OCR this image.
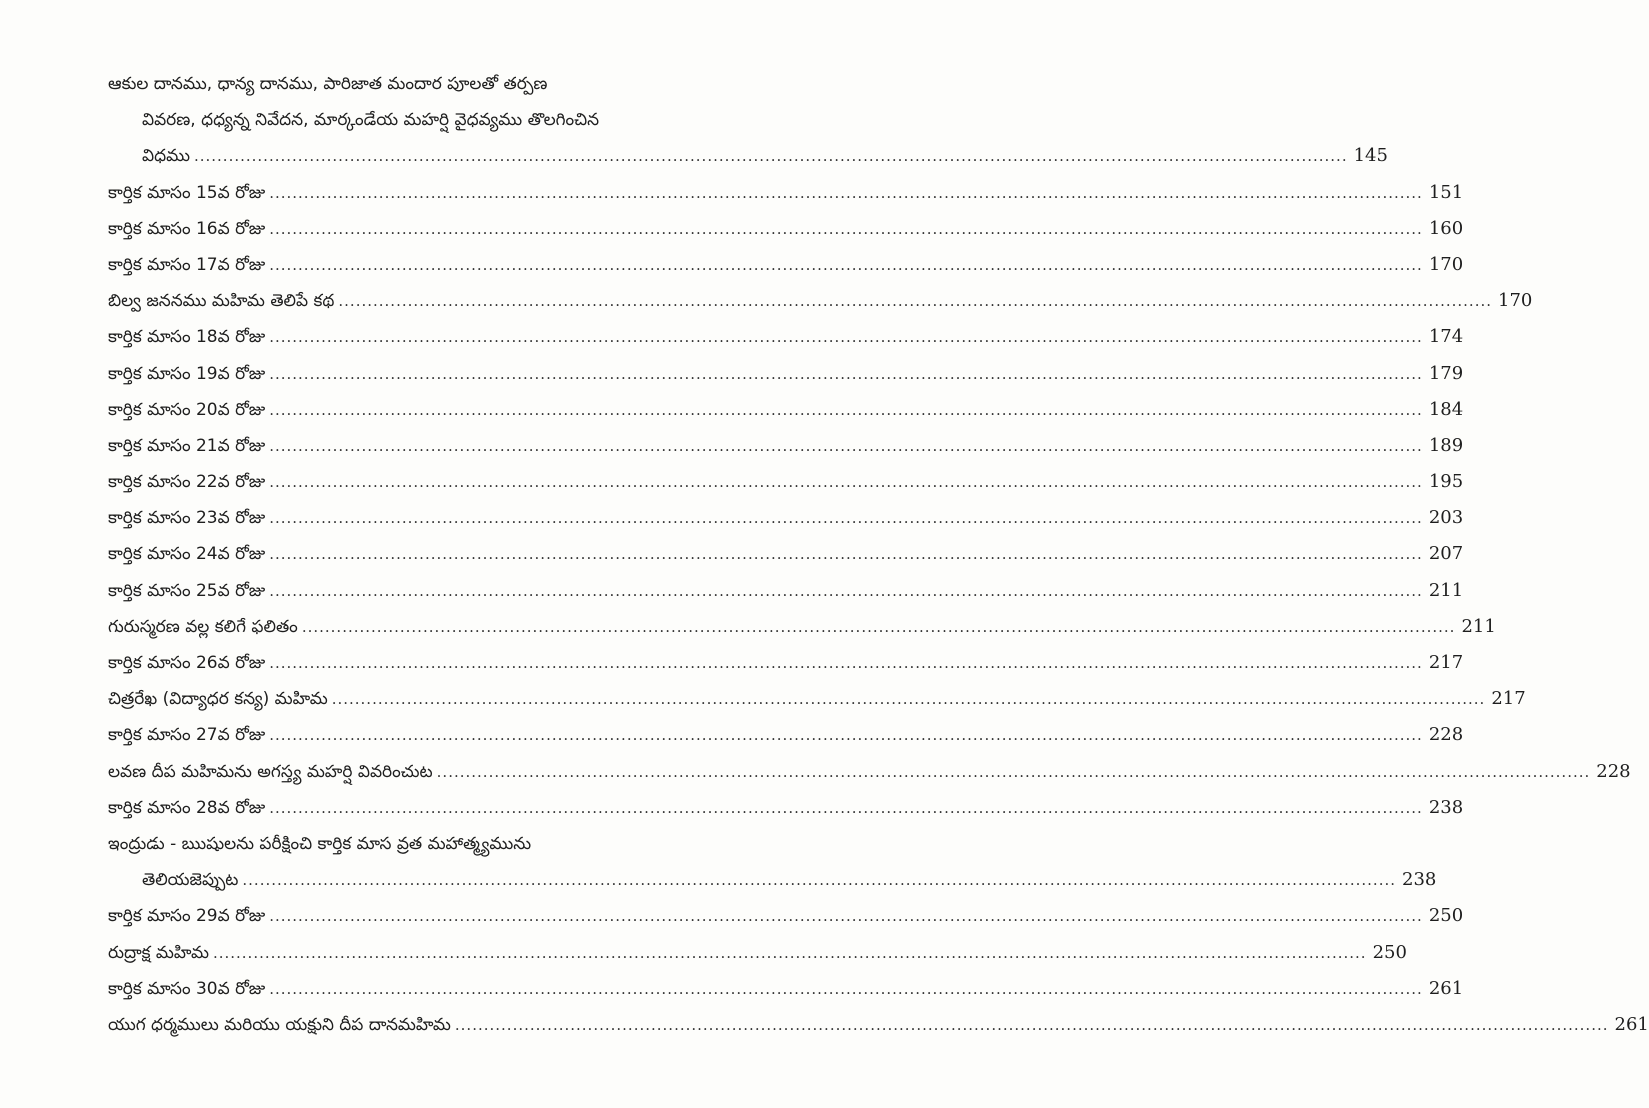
ఆకుల దానము, ధాన్య దానము, పారిజాత మందార పూలతో తర్పణ
వివరణ, ధధ్యన్న నివేదన, మార్కండేయ మహర్షి వైధవ్యము తొలగించిన
విధము ........................................................................................................................................................................................................ 145
కార్తిక మాసం 15వ రోజు ........................................................................................................................................................................................................ 151
కార్తిక మాసం 16వ రోజు ........................................................................................................................................................................................................ 160
కార్తిక మాసం 17వ రోజు ........................................................................................................................................................................................................ 170
బిల్వ జననము మహిమ తెలిపే కథ ........................................................................................................................................................................................................ 170
కార్తిక మాసం 18వ రోజు ........................................................................................................................................................................................................ 174
కార్తిక మాసం 19వ రోజు ........................................................................................................................................................................................................ 179
కార్తిక మాసం 20వ రోజు ........................................................................................................................................................................................................ 184
కార్తిక మాసం 21వ రోజు ........................................................................................................................................................................................................ 189
కార్తిక మాసం 22వ రోజు ........................................................................................................................................................................................................ 195
కార్తిక మాసం 23వ రోజు ........................................................................................................................................................................................................ 203
కార్తిక మాసం 24వ రోజు ........................................................................................................................................................................................................ 207
కార్తిక మాసం 25వ రోజు ........................................................................................................................................................................................................ 211
గురుస్మరణ వల్ల కలిగే ఫలితం ........................................................................................................................................................................................................ 211
కార్తిక మాసం 26వ రోజు ........................................................................................................................................................................................................ 217
చిత్రరేఖ (విద్యాధర కన్య) మహిమ ........................................................................................................................................................................................................ 217
కార్తిక మాసం 27వ రోజు ........................................................................................................................................................................................................ 228
లవణ దీప మహిమను అగస్త్య మహర్షి వివరించుట ........................................................................................................................................................................................................ 228
కార్తిక మాసం 28వ రోజు ........................................................................................................................................................................................................ 238
ఇంద్రుడు - ఋషులను పరీక్షించి కార్తిక మాస వ్రత మహాత్మ్యమును
తెలియజెప్పుట ........................................................................................................................................................................................................ 238
కార్తిక మాసం 29వ రోజు ........................................................................................................................................................................................................ 250
రుద్రాక్ష మహిమ ........................................................................................................................................................................................................ 250
కార్తిక మాసం 30వ రోజు ........................................................................................................................................................................................................ 261
యుగ ధర్మములు మరియు యక్షుని దీప దానమహిమ ........................................................................................................................................................................................................ 261
